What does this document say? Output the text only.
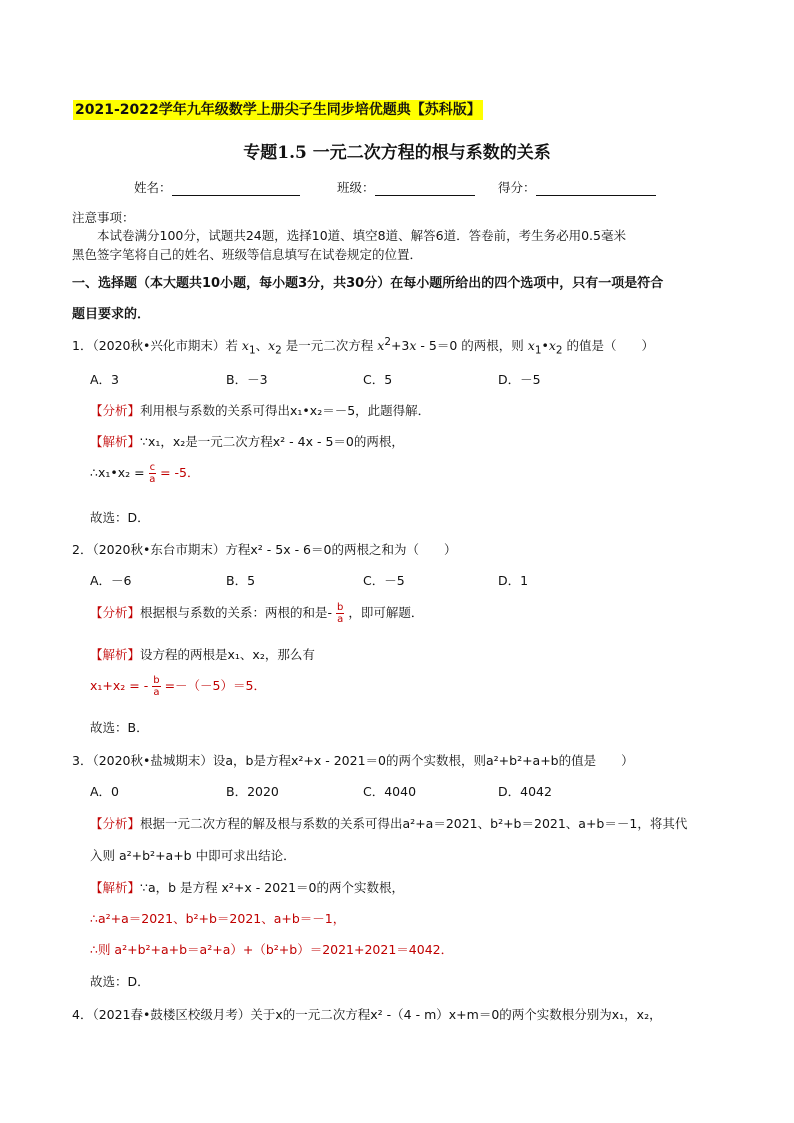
2021-2022学年九年级数学上册尖子生同步培优题典【苏科版】
专题1.5 一元二次方程的根与系数的关系
姓名：	班级：	得分：
注意事项：
本试卷满分100分，试题共24题，选择10道、填空8道、解答6道．答卷前，考生务必用0.5毫米
黑色签字笔将自己的姓名、班级等信息填写在试卷规定的位置．
一、选择题（本大题共10小题，每小题3分，共30分）在每小题所给出的四个选项中，只有一项是符合
题目要求的．
1．（2020秋•兴化市期末）若 $x_1$、$x_2$ 是一元二次方程 $x^2+3x - 5=0$ 的两根，则 $x_1•x_2$ 的值是（　　）
A．3	B．－3	C．5	D．－5
【分析】利用根与系数的关系可得出x₁•x₂＝－5，此题得解．
【解析】∵x₁，x₂是一元二次方程x² - 4x - 5＝0的两根，
∴x₁•x₂ = $\frac{c}{a} = -5$．
故选：D．
2．（2020秋•东台市期末）方程x² - 5x - 6＝0的两根之和为（　　）
A．－6	B．5	C．－5	D．1
【分析】根据根与系数的关系：两根的和是- $\frac{b}{a}$ ，即可解题．
【解析】设方程的两根是x₁、x₂，那么有
x₁+x₂ = - $\frac{b}{a} =-(-5)=5$．
故选：B．
3．（2020秋•盐城期末）设a，b是方程x²+x - 2021＝0的两个实数根，则a²+b²+a+b的值是　　）
A．0	B．2020	C．4040	D．4042
【分析】根据一元二次方程的解及根与系数的关系可得出a²+a＝2021、b²+b＝2021、a+b＝－1，将其代
入则 a²+b²+a+b 中即可求出结论．
【解析】∵a，b 是方程 x²+x - 2021＝0的两个实数根，
∴a²+a＝2021、b²+b＝2021、a+b＝－1，
∴则 a²+b²+a+b＝a²+a）+（b²+b）＝2021+2021＝4042．
故选：D．
4．（2021春•鼓楼区校级月考）关于x的一元二次方程x² -（4 - m）x+m＝0的两个实数根分别为x₁，x₂，
